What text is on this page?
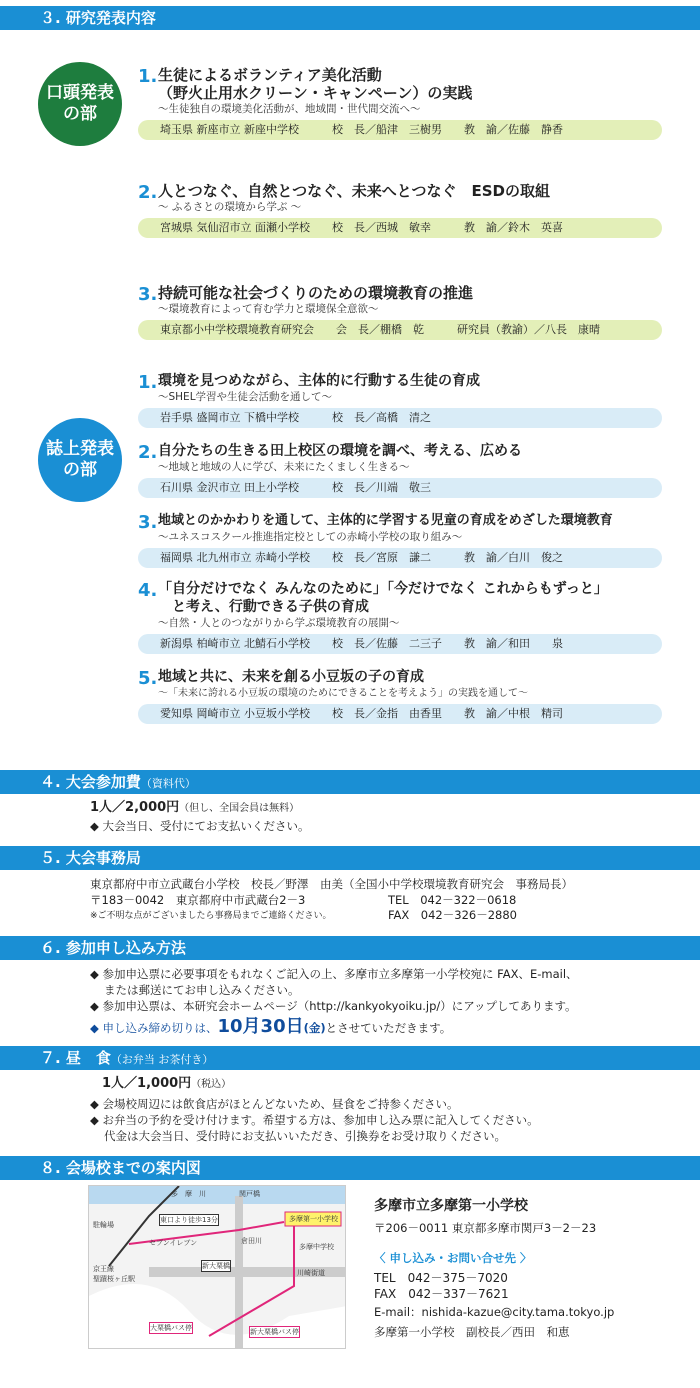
３. 研究発表内容
口頭発表
の部
1. 生徒によるボランティア美化活動
（野火止用水クリーン・キャンペーン）の実践
～生徒独自の環境美化活動が、地域間・世代間交流へ～
埼玉県 新座市立 新座中学校　　　校　長／船津　三樹男　　教　諭／佐藤　静香
2. 人とつなぐ、自然とつなぐ、未来へとつなぐ　ESDの取組
～ ふるさとの環境から学ぶ ～
宮城県 気仙沼市立 面瀬小学校　　校　長／西城　敏幸　　　教　諭／鈴木　英喜
3. 持続可能な社会づくりのための環境教育の推進
～環境教育によって育む学力と環境保全意欲～
東京都小中学校環境教育研究会　　会　長／棚橋　乾　　　研究員（教諭）／八長　康晴
誌上発表
の部
1. 環境を見つめながら、主体的に行動する生徒の育成
～SHEL学習や生徒会活動を通して～
岩手県 盛岡市立 下橋中学校　　　校　長／高橋　清之
2. 自分たちの生きる田上校区の環境を調べ、考える、広める
～地域と地域の人に学び、未来にたくましく生きる～
石川県 金沢市立 田上小学校　　　校　長／川端　敬三
3. 地域とのかかわりを通して、主体的に学習する児童の育成をめざした環境教育
～ユネスコスクール推進指定校としての赤崎小学校の取り組み～
福岡県 北九州市立 赤崎小学校　　校　長／宮原　謙二　　　教　諭／白川　俊之
4. 「自分だけでなく みんなのために」「今だけでなく これからもずっと」
　と考え、行動できる子供の育成
～自然・人とのつながりから学ぶ環境教育の展開～
新潟県 柏崎市立 北鯖石小学校　　校　長／佐藤　二三子　　教　諭／和田　　泉
5. 地域と共に、未来を創る小豆坂の子の育成
～「未来に誇れる小豆坂の環境のためにできることを考えよう」の実践を通して～
愛知県 岡崎市立 小豆坂小学校　　校　長／金指　由香里　　教　諭／中根　精司
４. 大会参加費（資料代）
1人／2,000円（但し、全国会員は無料）
◆ 大会当日、受付にてお支払いください。
５. 大会事務局
東京都府中市立武蔵台小学校　校長／野澤　由美（全国小中学校環境教育研究会　事務局長）
〒183－0042　東京都府中市武蔵台2－3	TEL　042－322－0618
※ご不明な点がございましたら事務局までご連絡ください。	FAX　042－326－2880
６. 参加申し込み方法
◆ 参加申込票に必要事項をもれなくご記入の上、多摩市立多摩第一小学校宛に FAX、E-mail、
または郵送にてお申し込みください。
◆ 参加申込票は、本研究会ホームページ（http://kankyokyoiku.jp/）にアップしてあります。
◆ 申し込み締め切りは、10月30日(金)とさせていただきます。
７. 昼　食（お弁当 お茶付き）
1人／1,000円（税込）
◆ 会場校周辺には飲食店がほとんどないため、昼食をご持参ください。
◆ お弁当の予約を受け付けます。希望する方は、参加申し込み票に記入してください。
代金は大会当日、受付時にお支払いいただき、引換券をお受け取りください。
８. 会場校までの案内図
多　摩　川	関戸橋
駐輪場
東口より徒歩13分
セブンイレブン
多摩第一小学校
倉田川
多摩中学校
新大栗橋
京王線
聖蹟桜ヶ丘駅
川崎街道
大栗橋バス停	新大栗橋バス停
多摩市立多摩第一小学校
〒206－0011 東京都多摩市関戸3－2－23
〈 申し込み・お問い合せ先 〉
TEL　042－375－7020
FAX　042－337－7621
E-mail：nishida-kazue@city.tama.tokyo.jp
多摩第一小学校　副校長／西田　和恵
